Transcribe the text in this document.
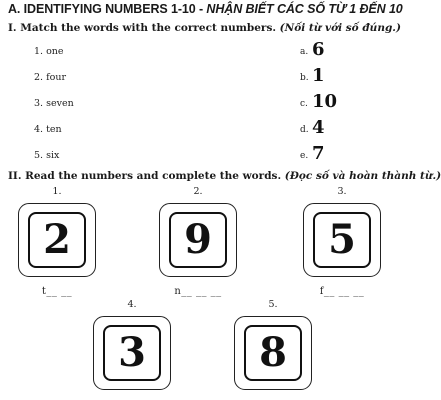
A. IDENTIFYING NUMBERS 1-10 - NHẬN BIẾT CÁC SỐ TỪ 1 ĐẾN 10
I. Match the words with the correct numbers. (Nối từ với số đúng.)
1. one	a. 6
2. four	b. 1
3. seven	c. 10
4. ten	d. 4
5. six	e. 7
II. Read the numbers and complete the words. (Đọc số và hoàn thành từ.)
1.
2
t__ __
2.
9
n__ __ __
3.
5
f__ __ __
4.
3
5.
8
